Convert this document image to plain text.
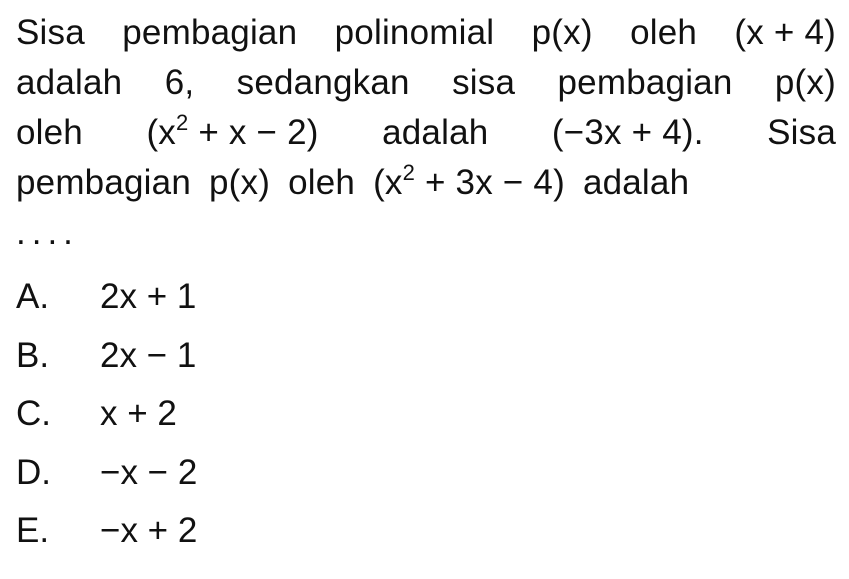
Sisa pembagian polinomial p(x) oleh (x + 4)
adalah 6, sedangkan sisa pembagian p(x)
oleh $(x^2 + x - 2)$ adalah (−3x + 4). Sisa
pembagian p(x) oleh $(x^2 + 3x - 4)$ adalah
....
A.	2x + 1
B.	2x − 1
C.	x + 2
D.	−x − 2
E.	−x + 2
